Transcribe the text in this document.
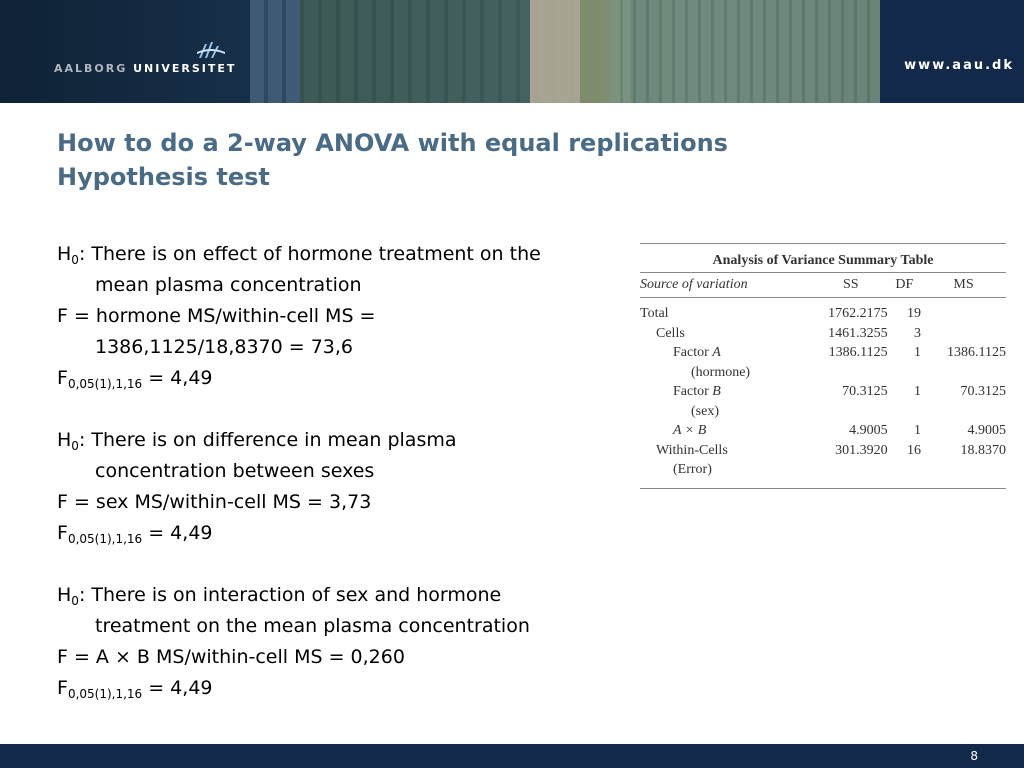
AALBORG UNIVERSITET	www.aau.dk
How to do a 2-way ANOVA with equal replications
Hypothesis test
$H_0$: There is on effect of hormone treatment on the
mean plasma concentration
F = hormone MS/within-cell MS =
1386,1125/18,8370 = 73,6
$F_{0,05(1),1,16} = 4,49$
$H_0$: There is on difference in mean plasma
concentration between sexes
F = sex MS/within-cell MS = 3,73
$F_{0,05(1),1,16} = 4,49$
$H_0$: There is on interaction of sex and hormone
treatment on the mean plasma concentration
F = A × B MS/within-cell MS = 0,260
$F_{0,05(1),1,16} = 4,49$
Analysis of Variance Summary Table
Source of variation	SS	DF	MS
Total	1762.2175	19	
Cells	1461.3255	3	
Factor A	1386.1125	1	1386.1125
(hormone)			
Factor B	70.3125	1	70.3125
(sex)			
A × B	4.9005	1	4.9005
Within-Cells	301.3920	16	18.8370
(Error)			
8
